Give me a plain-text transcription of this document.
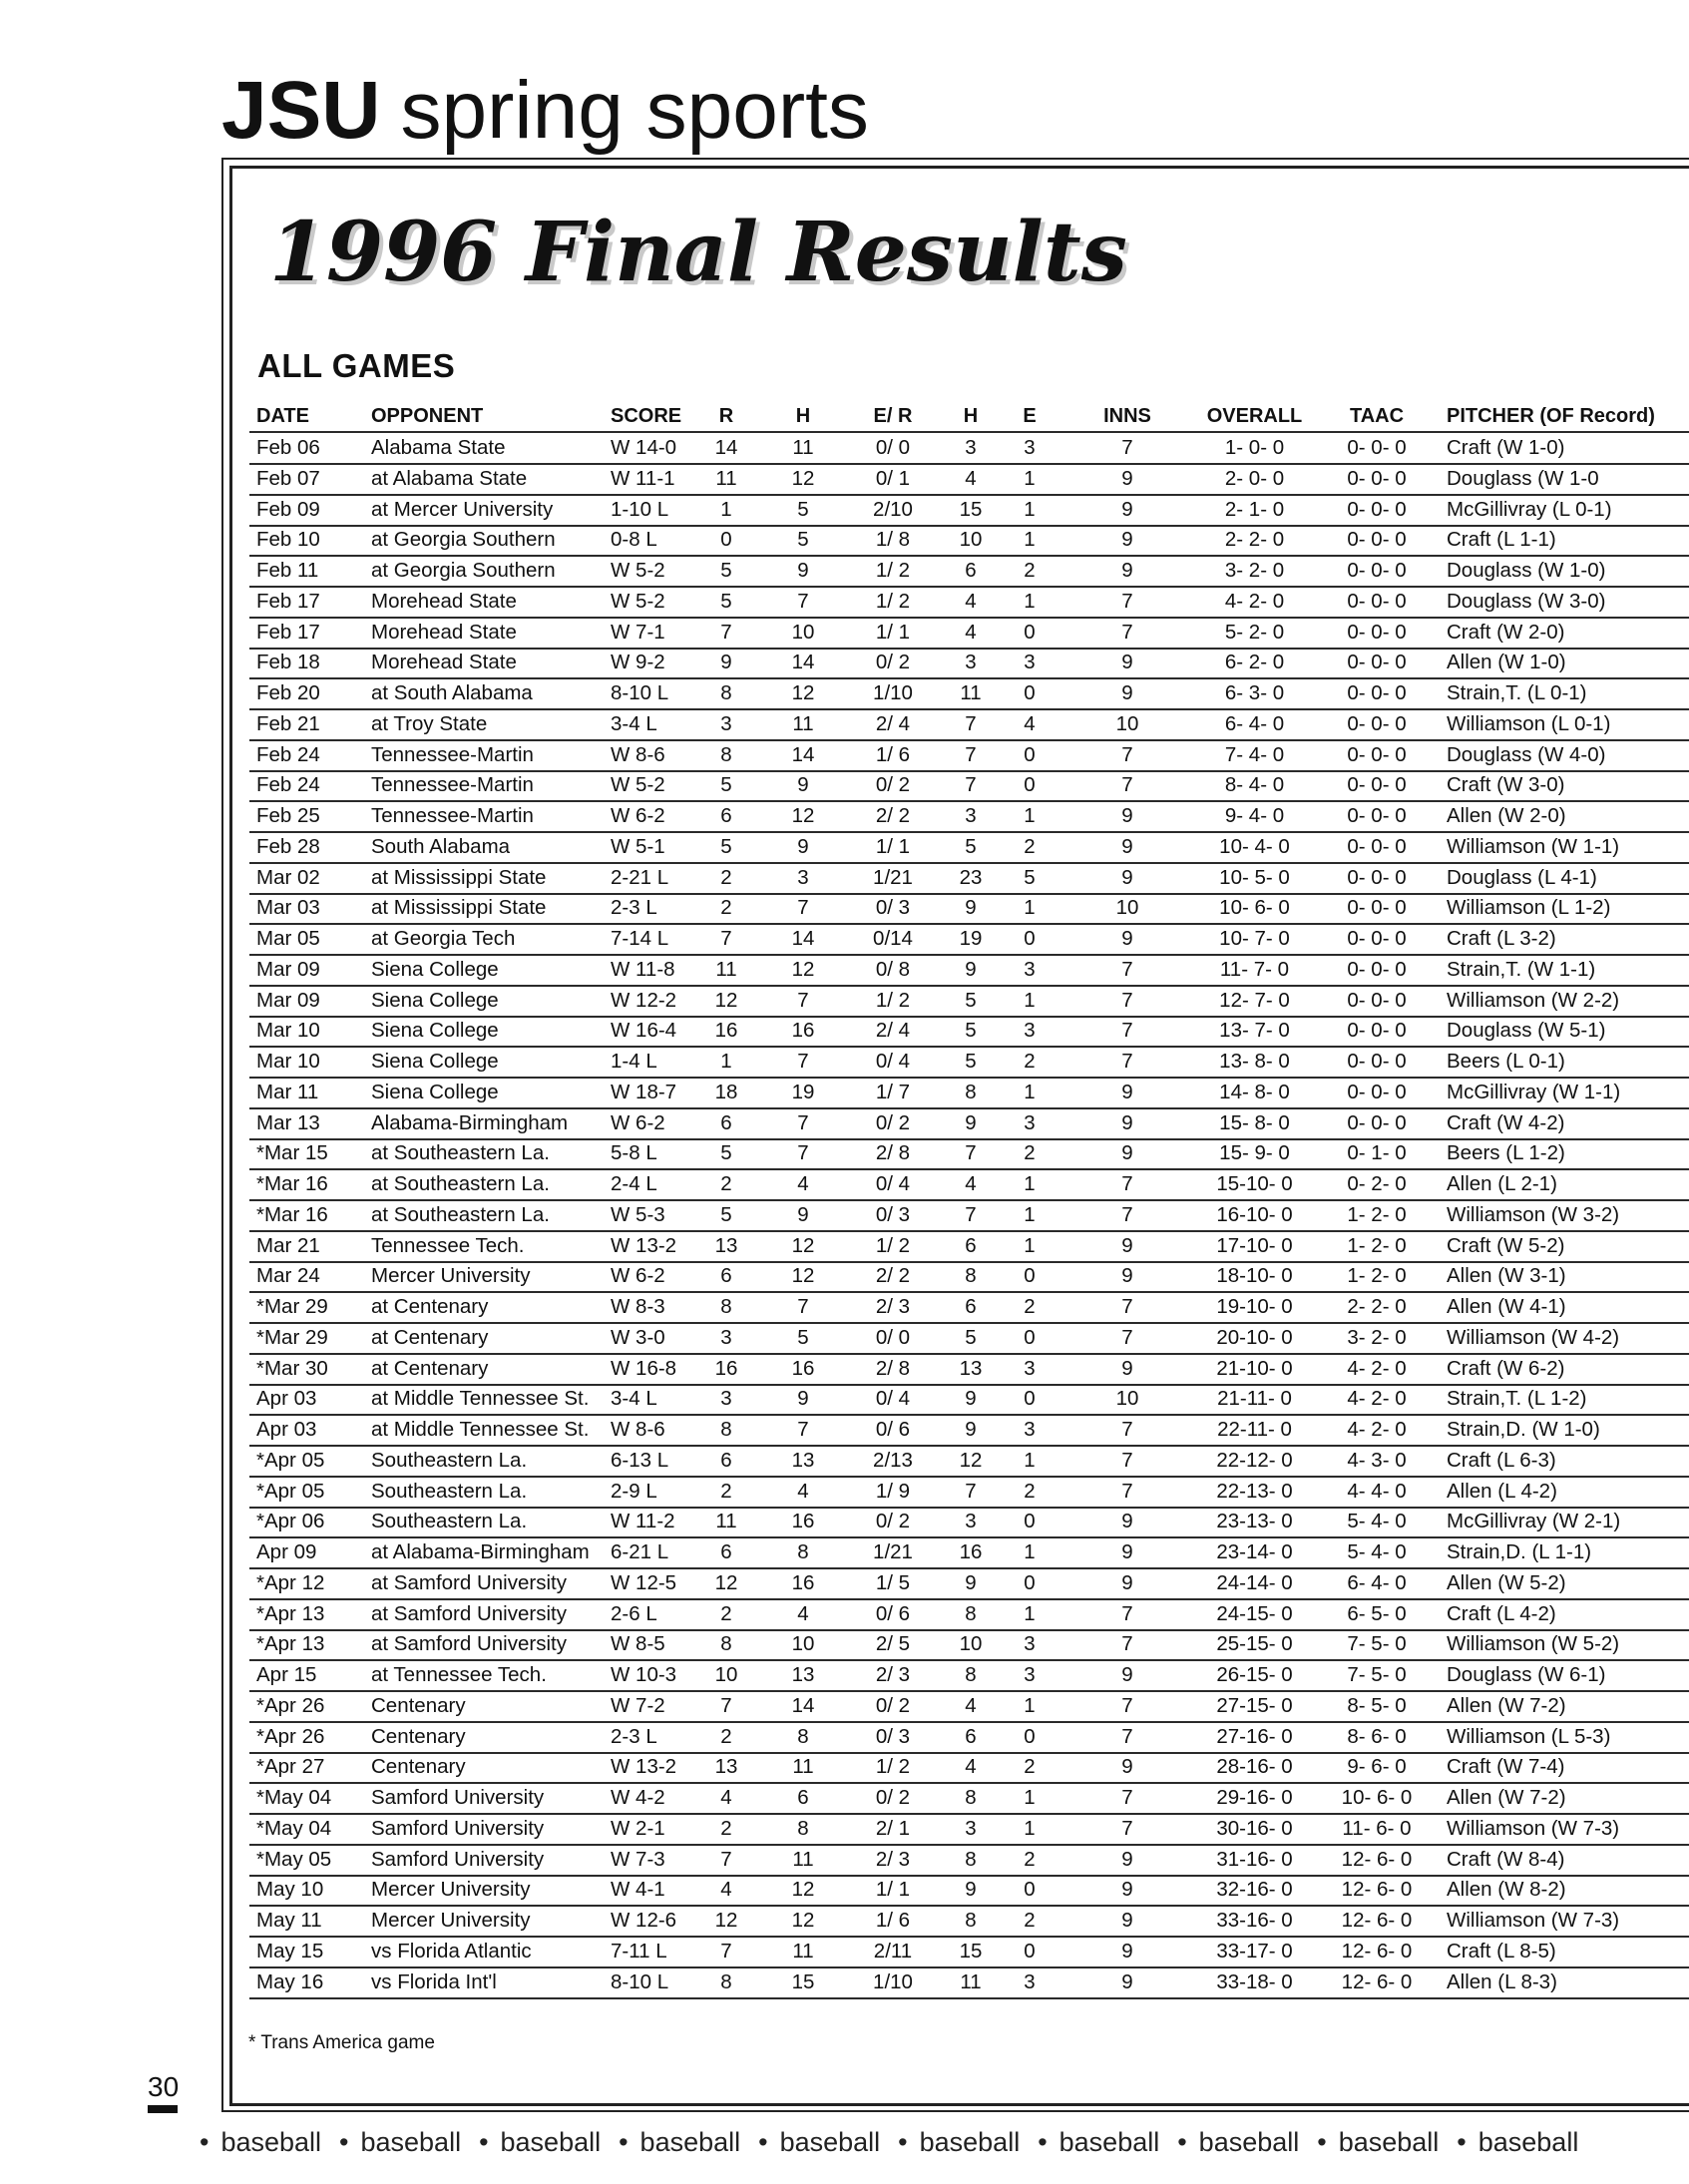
JSU spring sports
1996 Final Results
ALL GAMES
DATE	OPPONENT	SCORE	R	H	E/ R	H	E	INNS	OVERALL	TAAC	PITCHER (OF Record)
Feb 06 Alabama State	W 14-0	14	11	0/ 0	3	3	7	1- 0- 0	0- 0- 0	Craft (W 1-0)
Feb 07 at Alabama State	W 11-1	11	12	0/ 1	4	1	9	2- 0- 0	0- 0- 0	Douglass (W 1-0
Feb 09 at Mercer University	1-10 L	1	5	2/10	15	1	9	2- 1- 0	0- 0- 0	McGillivray (L 0-1)
Feb 10 at Georgia Southern	0-8 L	0	5	1/ 8	10	1	9	2- 2- 0	0- 0- 0	Craft (L 1-1)
Feb 11	at Georgia Southern	W 5-2	5	9	1/ 2	6	2	9	3- 2- 0	0- 0- 0	Douglass (W 1-0)
Feb 17 Morehead State	W 5-2	5	7	1/ 2	4	1	7	4- 2- 0	0- 0- 0	Douglass (W 3-0)
Feb 17 Morehead State	W 7-1	7	10	1/ 1	4	0	7	5- 2- 0	0- 0- 0	Craft (W 2-0)
Feb 18 Morehead State	W 9-2	9	14	0/ 2	3	3	9	6- 2- 0	0- 0- 0	Allen (W 1-0)
Feb 20 at South Alabama	8-10 L	8	12	1/10	11	0	9	6- 3- 0	0- 0- 0	Strain,T. (L 0-1)
Feb 21 at Troy State	3-4 L	3	11	2/ 4	7	4	10	6- 4- 0	0- 0- 0	Williamson (L 0-1)
Feb 24 Tennessee-Martin	W 8-6	8	14	1/ 6	7	0	7	7- 4- 0	0- 0- 0	Douglass (W 4-0)
Feb 24 Tennessee-Martin	W 5-2	5	9	0/ 2	7	0	7	8- 4- 0	0- 0- 0	Craft (W 3-0)
Feb 25 Tennessee-Martin	W 6-2	6	12	2/ 2	3	1	9	9- 4- 0	0- 0- 0	Allen (W 2-0)
Feb 28 South Alabama	W 5-1	5	9	1/ 1	5	2	9	10- 4- 0	0- 0- 0	Williamson (W 1-1)
Mar 02 at Mississippi State	2-21 L	2	3	1/21	23	5	9	10- 5- 0	0- 0- 0	Douglass (L 4-1)
Mar 03 at Mississippi State	2-3 L	2	7	0/ 3	9	1	10	10- 6- 0	0- 0- 0	Williamson (L 1-2)
Mar 05 at Georgia Tech	7-14 L	7	14	0/14	19	0	9	10- 7- 0	0- 0- 0	Craft (L 3-2)
Mar 09 Siena College	W 11-8	11	12	0/ 8	9	3	7	11- 7- 0	0- 0- 0	Strain,T. (W 1-1)
Mar 09 Siena College	W 12-2	12	7	1/ 2	5	1	7	12- 7- 0	0- 0- 0	Williamson (W 2-2)
Mar 10 Siena College	W 16-4	16	16	2/ 4	5	3	7	13- 7- 0	0- 0- 0	Douglass (W 5-1)
Mar 10 Siena College	1-4 L	1	7	0/ 4	5	2	7	13- 8- 0	0- 0- 0	Beers (L 0-1)
Mar 11	Siena College	W 18-7	18	19	1/ 7	8	1	9	14- 8- 0	0- 0- 0	McGillivray (W 1-1)
Mar 13 Alabama-Birmingham W 6-2	6	7	0/ 2	9	3	9	15- 8- 0	0- 0- 0	Craft (W 4-2)
*Mar 15 at Southeastern La.	5-8 L	5	7	2/ 8	7	2	9	15- 9- 0	0- 1- 0	Beers (L 1-2)
*Mar 16 at Southeastern La.	2-4 L	2	4	0/ 4	4	1	7	15-10- 0	0- 2- 0	Allen (L 2-1)
*Mar 16 at Southeastern La.	W 5-3	5	9	0/ 3	7	1	7	16-10- 0	1- 2- 0	Williamson (W 3-2)
Mar 21 Tennessee Tech.	W 13-2	13	12	1/ 2	6	1	9	17-10- 0	1- 2- 0	Craft (W 5-2)
Mar 24 Mercer University	W 6-2	6	12	2/ 2	8	0	9	18-10- 0	1- 2- 0	Allen (W 3-1)
*Mar 29 at Centenary	W 8-3	8	7	2/ 3	6	2	7	19-10- 0	2- 2- 0	Allen (W 4-1)
*Mar 29 at Centenary	W 3-0	3	5	0/ 0	5	0	7	20-10- 0	3- 2- 0	Williamson (W 4-2)
*Mar 30 at Centenary	W 16-8	16	16	2/ 8	13	3	9	21-10- 0	4- 2- 0	Craft (W 6-2)
Apr 03	at Middle Tennessee St. 3-4 L	3	9	0/ 4	9	0	10	21-11- 0	4- 2- 0	Strain,T. (L 1-2)
Apr 03	at Middle Tennessee St. W 8-6	8	7	0/ 6	9	3	7	22-11- 0	4- 2- 0	Strain,D. (W 1-0)
*Apr 05 Southeastern La.	6-13 L	6	13	2/13	12	1	7	22-12- 0	4- 3- 0	Craft (L 6-3)
*Apr 05 Southeastern La.	2-9 L	2	4	1/ 9	7	2	7	22-13- 0	4- 4- 0	Allen (L 4-2)
*Apr 06 Southeastern La.	W 11-2	11	16	0/ 2	3	0	9	23-13- 0	5- 4- 0	McGillivray (W 2-1)
Apr 09	at Alabama-Birmingham 6-21 L	6	8	1/21	16	1	9	23-14- 0	5- 4- 0	Strain,D. (L 1-1)
*Apr 12 at Samford University W 12-5	12	16	1/ 5	9	0	9	24-14- 0	6- 4- 0	Allen (W 5-2)
*Apr 13 at Samford University 2-6 L	2	4	0/ 6	8	1	7	24-15- 0	6- 5- 0	Craft (L 4-2)
*Apr 13 at Samford University W 8-5	8	10	2/ 5	10	3	7	25-15- 0	7- 5- 0	Williamson (W 5-2)
Apr 15	at Tennessee Tech.	W 10-3	10	13	2/ 3	8	3	9	26-15- 0	7- 5- 0	Douglass (W 6-1)
*Apr 26 Centenary	W 7-2	7	14	0/ 2	4	1	7	27-15- 0	8- 5- 0	Allen (W 7-2)
*Apr 26 Centenary	2-3 L	2	8	0/ 3	6	0	7	27-16- 0	8- 6- 0	Williamson (L 5-3)
*Apr 27 Centenary	W 13-2	13	11	1/ 2	4	2	9	28-16- 0	9- 6- 0	Craft (W 7-4)
*May 04 Samford University	W 4-2	4	6	0/ 2	8	1	7	29-16- 0	10- 6- 0	Allen (W 7-2)
*May 04 Samford University	W 2-1	2	8	2/ 1	3	1	7	30-16- 0	11- 6- 0	Williamson (W 7-3)
*May 05 Samford University	W 7-3	7	11	2/ 3	8	2	9	31-16- 0	12- 6- 0	Craft (W 8-4)
May 10 Mercer University	W 4-1	4	12	1/ 1	9	0	9	32-16- 0	12- 6- 0	Allen (W 8-2)
May 11 Mercer University	W 12-6	12	12	1/ 6	8	2	9	33-16- 0	12- 6- 0	Williamson (W 7-3)
May 15 vs Florida Atlantic	7-11 L	7	11	2/11	15	0	9	33-17- 0	12- 6- 0	Craft (L 8-5)
May 16 vs Florida Int'l	8-10 L	8	15	1/10	11	3	9	33-18- 0	12- 6- 0	Allen (L 8-3)
* Trans America game
30
• baseball • baseball • baseball • baseball • baseball • baseball • baseball • baseball • baseball • baseball
